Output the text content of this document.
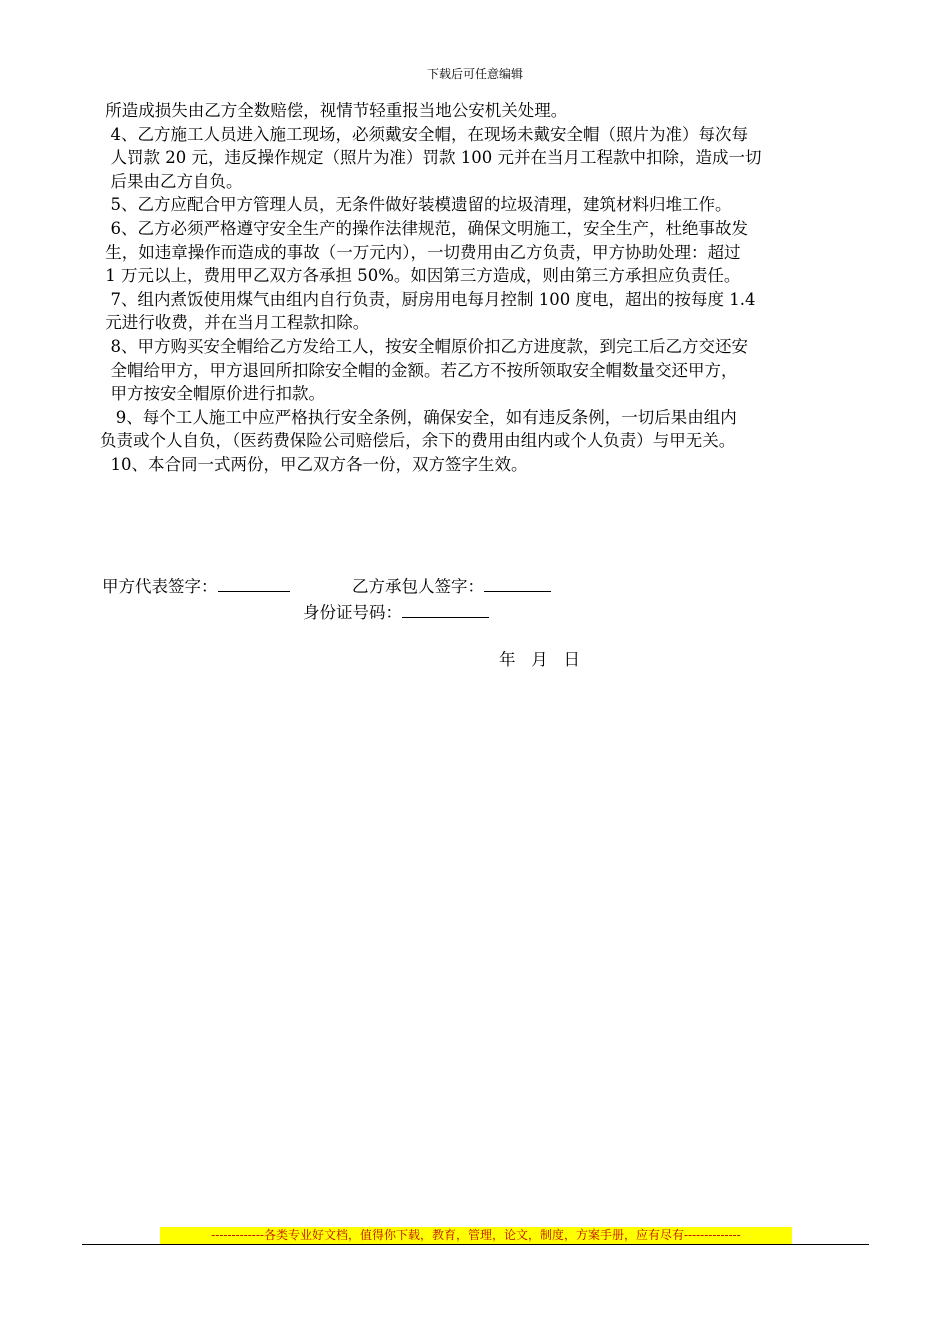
下载后可任意编辑
所造成损失由乙方全数赔偿，视情节轻重报当地公安机关处理。
4、乙方施工人员进入施工现场，必须戴安全帽，在现场未戴安全帽（照片为准）每次每
人罚款 20 元，违反操作规定（照片为准）罚款 100 元并在当月工程款中扣除，造成一切
后果由乙方自负。
5、乙方应配合甲方管理人员，无条件做好装模遗留的垃圾清理，建筑材料归堆工作。
6、乙方必须严格遵守安全生产的操作法律规范，确保文明施工，安全生产，杜绝事故发
生，如违章操作而造成的事故（一万元内），一切费用由乙方负责，甲方协助处理：超过
1 万元以上，费用甲乙双方各承担 50%。如因第三方造成，则由第三方承担应负责任。
7、组内煮饭使用煤气由组内自行负责，厨房用电每月控制 100 度电，超出的按每度 1.4
元进行收费，并在当月工程款扣除。
8、甲方购买安全帽给乙方发给工人，按安全帽原价扣乙方进度款，到完工后乙方交还安
全帽给甲方，甲方退回所扣除安全帽的金额。若乙方不按所领取安全帽数量交还甲方，
甲方按安全帽原价进行扣款。
9、每个工人施工中应严格执行安全条例，确保安全，如有违反条例，一切后果由组内
负责或个人自负，（医药费保险公司赔偿后，余下的费用由组内或个人负责）与甲无关。
10、本合同一式两份，甲乙双方各一份，双方签字生效。
甲方代表签字：	乙方承包人签字：
身份证号码：
年   月   日
-------------各类专业好文档，值得你下载，教育，管理，论文，制度，方案手册，应有尽有--------------
